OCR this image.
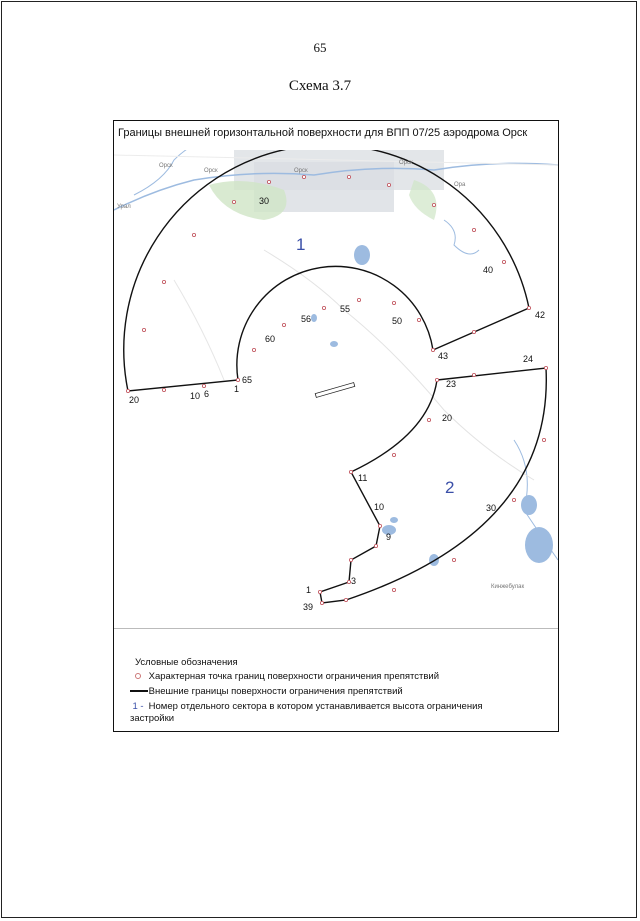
65
Схема 3.7
Границы внешней горизонтальной поверхности для ВПП 07/25 аэродрома Орск
Орск
Орск	Орск
Орск
Ора
Урал
Кинжебулак
1
2
30
40
42
43
50
55
56
60
65
1
6
10
20
24
23
20
11
10
9
3
1
39
30
Условные обозначения
Характерная точка границ поверхности ограничения препятствий
Внешние границы поверхности ограничения препятствий
1 - Номер отдельного сектора в котором устанавливается высота ограничения застройки
